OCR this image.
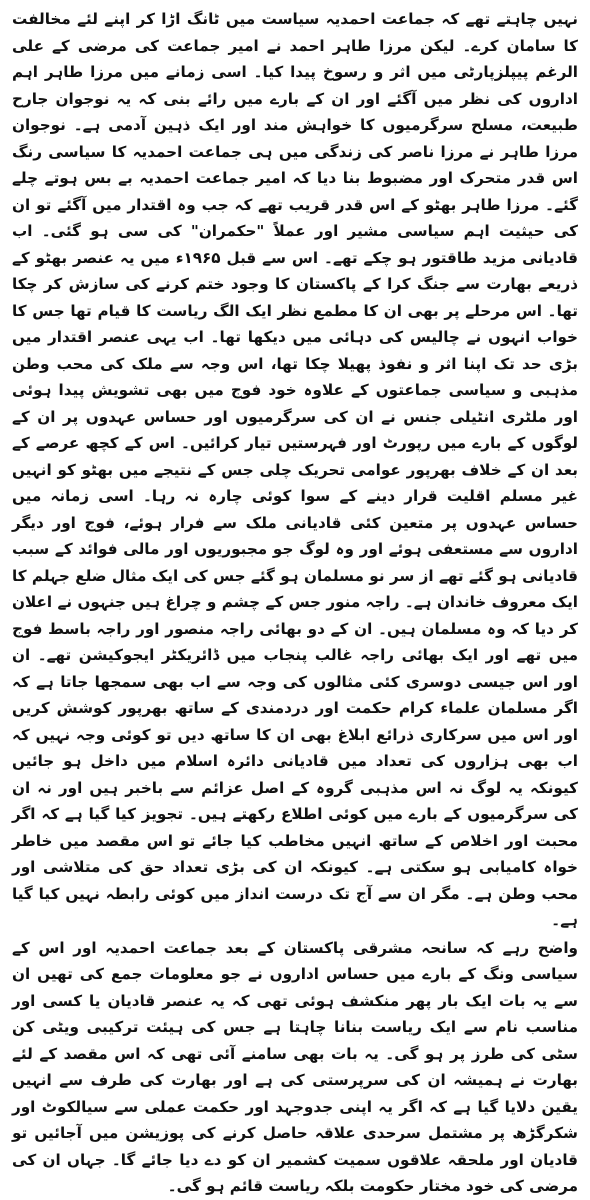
نہیں چاہتے تھے کہ جماعت احمدیہ سیاست میں ٹانگ اڑا کر اپنے لئے مخالفت کا سامان کرے۔ لیکن مرزا طاہر احمد نے امیر جماعت کی مرضی کے علی الرغم پیپلزپارٹی میں اثر و رسوخ پیدا کیا۔ اسی زمانے میں مرزا طاہر اہم اداروں کی نظر میں آگئے اور ان کے بارے میں رائے بنی کہ یہ نوجوان جارح طبیعت، مسلح سرگرمیوں کا خواہش مند اور ایک ذہین آدمی ہے۔ نوجوان مرزا طاہر نے مرزا ناصر کی زندگی میں ہی جماعت احمدیہ کا سیاسی رنگ اس قدر متحرک اور مضبوط بنا دیا کہ امیر جماعت احمدیہ بے بس ہوتے چلے گئے۔ مرزا طاہر بھٹو کے اس قدر قریب تھے کہ جب وہ اقتدار میں آگئے تو ان کی حیثیت اہم سیاسی مشیر اور عملاً "حکمران" کی سی ہو گئی۔ اب قادیانی مزید طاقتور ہو چکے تھے۔ اس سے قبل ۱۹۶۵ء میں یہ عنصر بھٹو کے ذریعے بھارت سے جنگ کرا کے پاکستان کا وجود ختم کرنے کی سازش کر چکا تھا۔ اس مرحلے پر بھی ان کا مطمع نظر ایک الگ ریاست کا قیام تھا جس کا خواب انہوں نے چالیس کی دہائی میں دیکھا تھا۔ اب یہی عنصر اقتدار میں بڑی حد تک اپنا اثر و نفوذ پھیلا چکا تھا، اس وجہ سے ملک کی محب وطن مذہبی و سیاسی جماعتوں کے علاوہ خود فوج میں بھی تشویش پیدا ہوئی اور ملٹری انٹیلی جنس نے ان کی سرگرمیوں اور حساس عہدوں پر ان کے لوگوں کے بارے میں رپورٹ اور فہرستیں تیار کرائیں۔ اس کے کچھ عرصے کے بعد ان کے خلاف بھرپور عوامی تحریک چلی جس کے نتیجے میں بھٹو کو انہیں غیر مسلم اقلیت قرار دینے کے سوا کوئی چارہ نہ رہا۔ اسی زمانہ میں حساس عہدوں پر متعین کئی قادیانی ملک سے فرار ہوئے، فوج اور دیگر اداروں سے مستعفی ہوئے اور وہ لوگ جو مجبوریوں اور مالی فوائد کے سبب قادیانی ہو گئے تھے از سر نو مسلمان ہو گئے جس کی ایک مثال ضلع جہلم کا ایک معروف خاندان ہے۔ راجہ منور جس کے چشم و چراغ ہیں جنہوں نے اعلان کر دیا کہ وہ مسلمان ہیں۔ ان کے دو بھائی راجہ منصور اور راجہ باسط فوج میں تھے اور ایک بھائی راجہ غالب پنجاب میں ڈائریکٹر ایجوکیشن تھے۔ ان اور اس جیسی دوسری کئی مثالوں کی وجہ سے اب بھی سمجھا جاتا ہے کہ اگر مسلمان علماء کرام حکمت اور دردمندی کے ساتھ بھرپور کوشش کریں اور اس میں سرکاری ذرائع ابلاغ بھی ان کا ساتھ دیں تو کوئی وجہ نہیں کہ اب بھی ہزاروں کی تعداد میں قادیانی دائرہ اسلام میں داخل ہو جائیں کیونکہ یہ لوگ نہ اس مذہبی گروہ کے اصل عزائم سے باخبر ہیں اور نہ ان کی سرگرمیوں کے بارے میں کوئی اطلاع رکھتے ہیں۔ تجویز کیا گیا ہے کہ اگر محبت اور اخلاص کے ساتھ انہیں مخاطب کیا جائے تو اس مقصد میں خاطر خواہ کامیابی ہو سکتی ہے۔ کیونکہ ان کی بڑی تعداد حق کی متلاشی اور محب وطن ہے۔ مگر ان سے آج تک درست انداز میں کوئی رابطہ نہیں کیا گیا ہے۔

واضح رہے کہ سانحہ مشرقی پاکستان کے بعد جماعت احمدیہ اور اس کے سیاسی ونگ کے بارے میں حساس اداروں نے جو معلومات جمع کی تھیں ان سے یہ بات ایک بار پھر منکشف ہوئی تھی کہ یہ عنصر قادیان یا کسی اور مناسب نام سے ایک ریاست بنانا چاہتا ہے جس کی ہیئت ترکیبی ویٹی کن سٹی کی طرز پر ہو گی۔ یہ بات بھی سامنے آئی تھی کہ اس مقصد کے لئے بھارت نے ہمیشہ ان کی سرپرستی کی ہے اور بھارت کی طرف سے انہیں یقین دلایا گیا ہے کہ اگر یہ اپنی جدوجہد اور حکمت عملی سے سیالکوٹ اور شکرگڑھ پر مشتمل سرحدی علاقہ حاصل کرنے کی پوزیشن میں آجائیں تو قادیان اور ملحقہ علاقوں سمیت کشمیر ان کو دے دیا جائے گا۔ جہاں ان کی مرضی کی خود مختار حکومت بلکہ ریاست قائم ہو گی۔
